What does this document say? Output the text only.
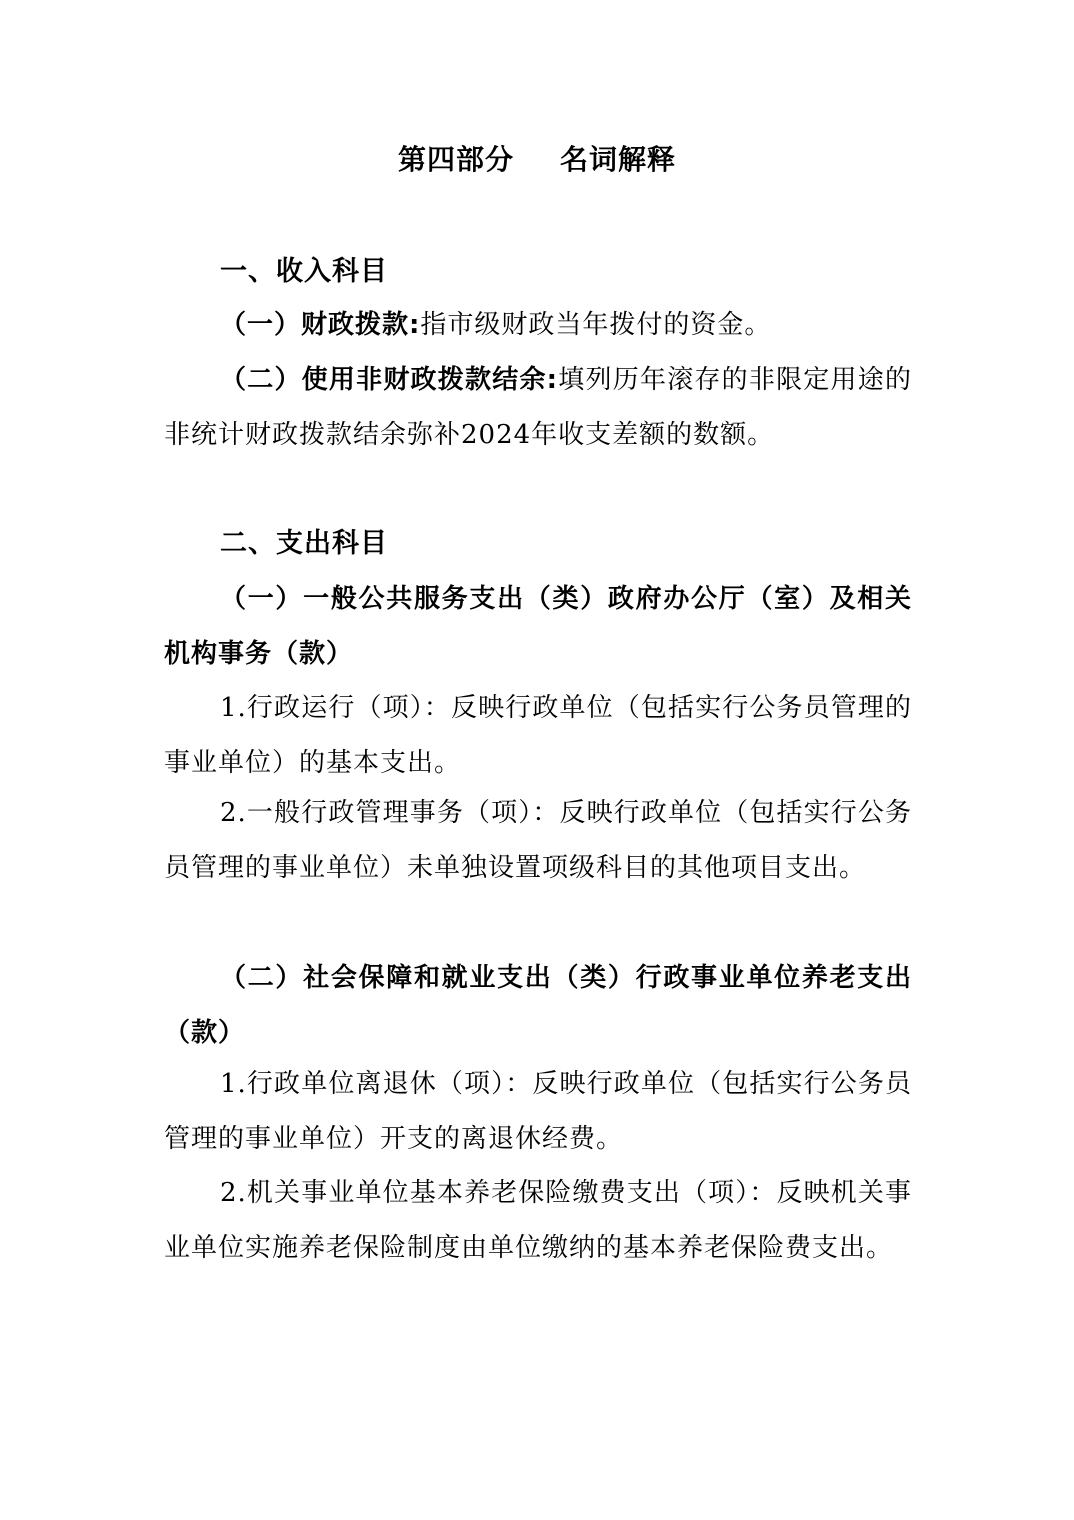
第四部分 名词解释

一、收入科目

（一）财政拨款:指市级财政当年拨付的资金。

（二）使用非财政拨款结余:填列历年滚存的非限定用途的非统计财政拨款结余弥补2024年收支差额的数额。

二、支出科目

（一）一般公共服务支出（类）政府办公厅（室）及相关机构事务（款）

1.行政运行（项）：反映行政单位（包括实行公务员管理的事业单位）的基本支出。

2.一般行政管理事务（项）：反映行政单位（包括实行公务员管理的事业单位）未单独设置项级科目的其他项目支出。

（二）社会保障和就业支出（类）行政事业单位养老支出（款）

1.行政单位离退休（项）：反映行政单位（包括实行公务员管理的事业单位）开支的离退休经费。

2.机关事业单位基本养老保险缴费支出（项）：反映机关事业单位实施养老保险制度由单位缴纳的基本养老保险费支出。
